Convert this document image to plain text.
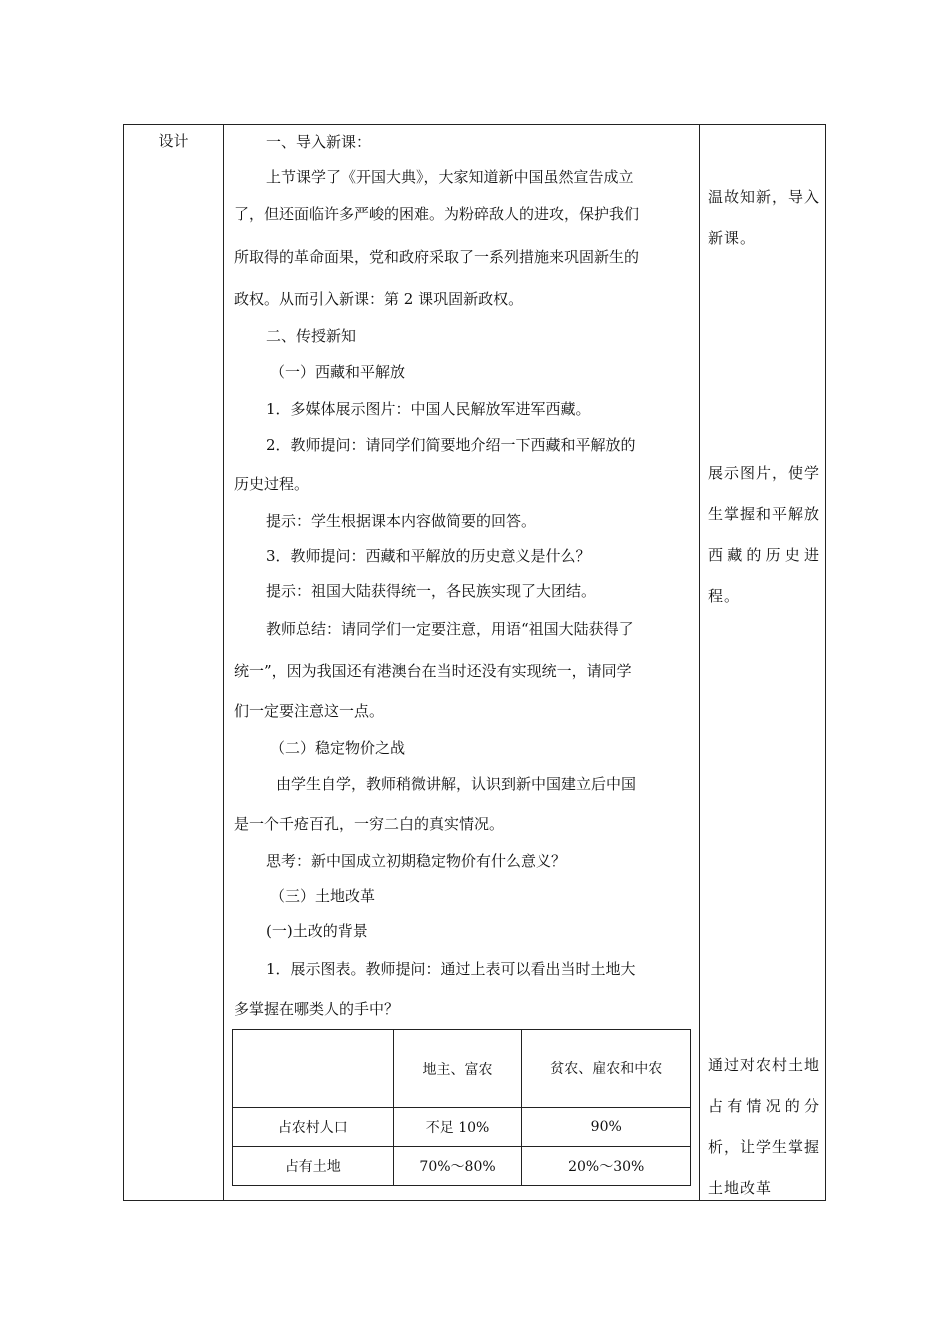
设计	一、导入新课：
上节课学了《开国大典》，大家知道新中国虽然宣告成立
了，但还面临许多严峻的困难。为粉碎敌人的进攻，保护我们
所取得的革命面果，党和政府采取了一系列措施来巩固新生的
政权。从而引入新课：第 2 课巩固新政权。
二、传授新知
（一）西藏和平解放
1．多媒体展示图片：中国人民解放军进军西藏。
2．教师提问：请同学们简要地介绍一下西藏和平解放的
历史过程。
提示：学生根据课本内容做简要的回答。
3．教师提问：西藏和平解放的历史意义是什么？
提示：祖国大陆获得统一，各民族实现了大团结。
教师总结：请同学们一定要注意，用语“祖国大陆获得了
统一”，因为我国还有港澳台在当时还没有实现统一，请同学
们一定要注意这一点。
（二）稳定物价之战
由学生自学，教师稍微讲解，认识到新中国建立后中国
是一个千疮百孔，一穷二白的真实情况。
思考：新中国成立初期稳定物价有什么意义？
（三）土地改革
(一)土改的背景
1．展示图表。教师提问：通过上表可以看出当时土地大
多掌握在哪类人的手中？
温故知新，导入新课。
展示图片，使学生掌握和平解放西藏的历史进程。
通过对农村土地占有情况的分析，让学生掌握土地改革
	地主、富农	贫农、雇农和中农
占农村人口	不足 10%	90%
占有土地	70%～80%	20%～30%
